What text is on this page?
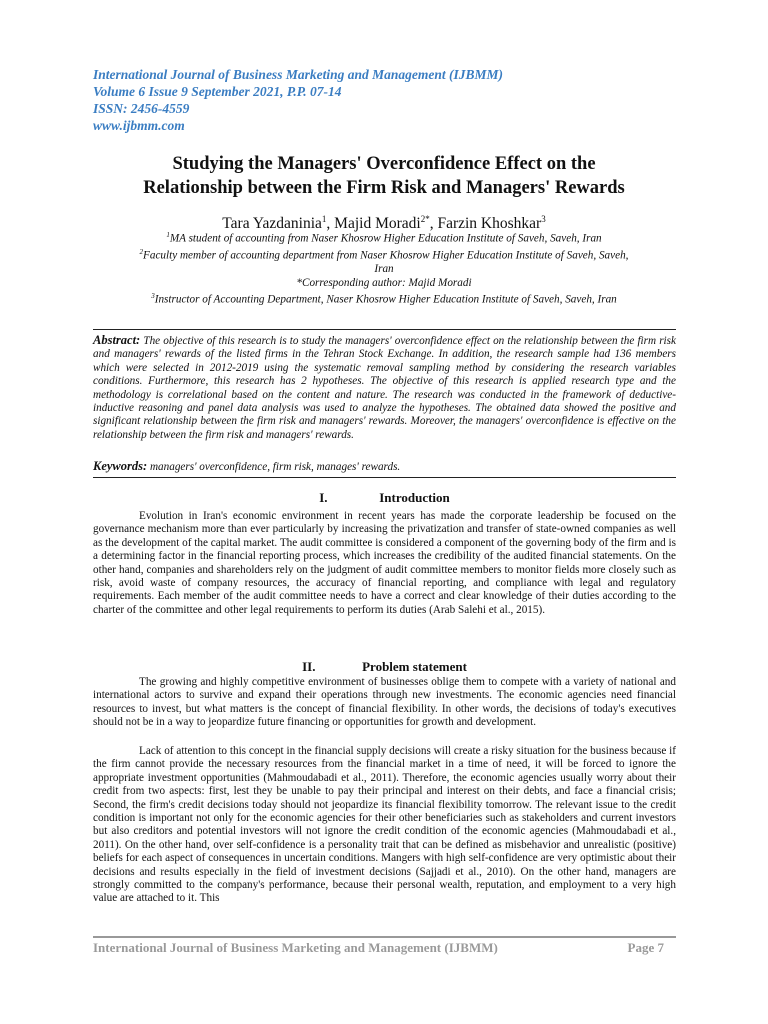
International Journal of Business Marketing and Management (IJBMM)
Volume 6 Issue 9 September 2021, P.P. 07-14
ISSN: 2456-4559
www.ijbmm.com
Studying the Managers' Overconfidence Effect on the
Relationship between the Firm Risk and Managers' Rewards
Tara Yazdaninia$^1$, Majid Moradi$^{2*}$, Farzin Khoshkar$^3$
$^1$MA student of accounting from Naser Khosrow Higher Education Institute of Saveh, Saveh, Iran
$^2$Faculty member of accounting department from Naser Khosrow Higher Education Institute of Saveh, Saveh,
Iran
*Corresponding author: Majid Moradi
$^3$Instructor of Accounting Department, Naser Khosrow Higher Education Institute of Saveh, Saveh, Iran
Abstract: The objective of this research is to study the managers' overconfidence effect on the relationship between the firm risk and managers' rewards of the listed firms in the Tehran Stock Exchange. In addition, the research sample had 136 members which were selected in 2012-2019 using the systematic removal sampling method by considering the research variables conditions. Furthermore, this research has 2 hypotheses. The objective of this research is applied research type and the methodology is correlational based on the content and nature. The research was conducted in the framework of deductive-inductive reasoning and panel data analysis was used to analyze the hypotheses. The obtained data showed the positive and significant relationship between the firm risk and managers' rewards. Moreover, the managers' overconfidence is effective on the relationship between the firm risk and managers' rewards.
Keywords: managers' overconfidence, firm risk, manages' rewards.
I.	Introduction

Evolution in Iran's economic environment in recent years has made the corporate leadership be focused on the governance mechanism more than ever particularly by increasing the privatization and transfer of state-owned companies as well as the development of the capital market. The audit committee is considered a component of the governing body of the firm and is a determining factor in the financial reporting process, which increases the credibility of the audited financial statements. On the other hand, companies and shareholders rely on the judgment of audit committee members to monitor fields more closely such as risk, avoid waste of company resources, the accuracy of financial reporting, and compliance with legal and regulatory requirements. Each member of the audit committee needs to have a correct and clear knowledge of their duties according to the charter of the committee and other legal requirements to perform its duties (Arab Salehi et al., 2015).

II.	Problem statement

The growing and highly competitive environment of businesses oblige them to compete with a variety of national and international actors to survive and expand their operations through new investments. The economic agencies need financial resources to invest, but what matters is the concept of financial flexibility. In other words, the decisions of today's executives should not be in a way to jeopardize future financing or opportunities for growth and development.

Lack of attention to this concept in the financial supply decisions will create a risky situation for the business because if the firm cannot provide the necessary resources from the financial market in a time of need, it will be forced to ignore the appropriate investment opportunities (Mahmoudabadi et al., 2011). Therefore, the economic agencies usually worry about their credit from two aspects: first, lest they be unable to pay their principal and interest on their debts, and face a financial crisis; Second, the firm's credit decisions today should not jeopardize its financial flexibility tomorrow. The relevant issue to the credit condition is important not only for the economic agencies for their other beneficiaries such as stakeholders and current investors but also creditors and potential investors will not ignore the credit condition of the economic agencies (Mahmoudabadi et al., 2011). On the other hand, over self-confidence is a personality trait that can be defined as misbehavior and unrealistic (positive) beliefs for each aspect of consequences in uncertain conditions. Mangers with high self-confidence are very optimistic about their decisions and results especially in the field of investment decisions (Sajjadi et al., 2010). On the other hand, managers are strongly committed to the company's performance, because their personal wealth, reputation, and employment to a very high value are attached to it. This

International Journal of Business Marketing and Management (IJBMM)	Page 7
